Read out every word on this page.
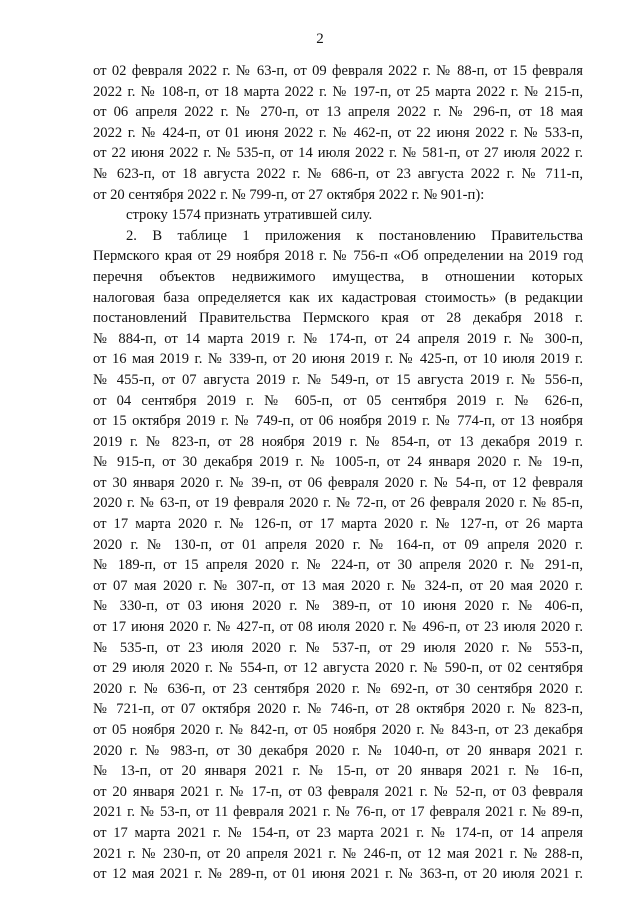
2
от 02 февраля 2022 г. № 63-п, от 09 февраля 2022 г. № 88-п, от 15 февраля
2022 г. № 108-п, от 18 марта 2022 г. № 197-п, от 25 марта 2022 г. № 215-п,
от 06 апреля 2022 г. № 270-п, от 13 апреля 2022 г. № 296-п, от 18 мая
2022 г. № 424-п, от 01 июня 2022 г. № 462-п, от 22 июня 2022 г. № 533-п,
от 22 июня 2022 г. № 535-п, от 14 июля 2022 г. № 581-п, от 27 июля 2022 г.
№ 623-п, от 18 августа 2022 г. № 686-п, от 23 августа 2022 г. № 711-п,
от 20 сентября 2022 г. № 799-п, от 27 октября 2022 г. № 901-п):
строку 1574 признать утратившей силу.
2. В таблице 1 приложения к постановлению Правительства
Пермского края от 29 ноября 2018 г. № 756-п «Об определении на 2019 год
перечня объектов недвижимого имущества, в отношении которых
налоговая база определяется как их кадастровая стоимость» (в редакции
постановлений Правительства Пермского края от 28 декабря 2018 г.
№ 884-п, от 14 марта 2019 г. № 174-п, от 24 апреля 2019 г. № 300-п,
от 16 мая 2019 г. № 339-п, от 20 июня 2019 г. № 425-п, от 10 июля 2019 г.
№ 455-п, от 07 августа 2019 г. № 549-п, от 15 августа 2019 г. № 556-п,
от 04 сентября 2019 г. № 605-п, от 05 сентября 2019 г. № 626-п,
от 15 октября 2019 г. № 749-п, от 06 ноября 2019 г. № 774-п, от 13 ноября
2019 г. № 823-п, от 28 ноября 2019 г. № 854-п, от 13 декабря 2019 г.
№ 915-п, от 30 декабря 2019 г. № 1005-п, от 24 января 2020 г. № 19-п,
от 30 января 2020 г. № 39-п, от 06 февраля 2020 г. № 54-п, от 12 февраля
2020 г. № 63-п, от 19 февраля 2020 г. № 72-п, от 26 февраля 2020 г. № 85-п,
от 17 марта 2020 г. № 126-п, от 17 марта 2020 г. № 127-п, от 26 марта
2020 г. № 130-п, от 01 апреля 2020 г. № 164-п, от 09 апреля 2020 г.
№ 189-п, от 15 апреля 2020 г. № 224-п, от 30 апреля 2020 г. № 291-п,
от 07 мая 2020 г. № 307-п, от 13 мая 2020 г. № 324-п, от 20 мая 2020 г.
№ 330-п, от 03 июня 2020 г. № 389-п, от 10 июня 2020 г. № 406-п,
от 17 июня 2020 г. № 427-п, от 08 июля 2020 г. № 496-п, от 23 июля 2020 г.
№ 535-п, от 23 июля 2020 г. № 537-п, от 29 июля 2020 г. № 553-п,
от 29 июля 2020 г. № 554-п, от 12 августа 2020 г. № 590-п, от 02 сентября
2020 г. № 636-п, от 23 сентября 2020 г. № 692-п, от 30 сентября 2020 г.
№ 721-п, от 07 октября 2020 г. № 746-п, от 28 октября 2020 г. № 823-п,
от 05 ноября 2020 г. № 842-п, от 05 ноября 2020 г. № 843-п, от 23 декабря
2020 г. № 983-п, от 30 декабря 2020 г. № 1040-п, от 20 января 2021 г.
№ 13-п, от 20 января 2021 г. № 15-п, от 20 января 2021 г. № 16-п,
от 20 января 2021 г. № 17-п, от 03 февраля 2021 г. № 52-п, от 03 февраля
2021 г. № 53-п, от 11 февраля 2021 г. № 76-п, от 17 февраля 2021 г. № 89-п,
от 17 марта 2021 г. № 154-п, от 23 марта 2021 г. № 174-п, от 14 апреля
2021 г. № 230-п, от 20 апреля 2021 г. № 246-п, от 12 мая 2021 г. № 288-п,
от 12 мая 2021 г. № 289-п, от 01 июня 2021 г. № 363-п, от 20 июля 2021 г.
